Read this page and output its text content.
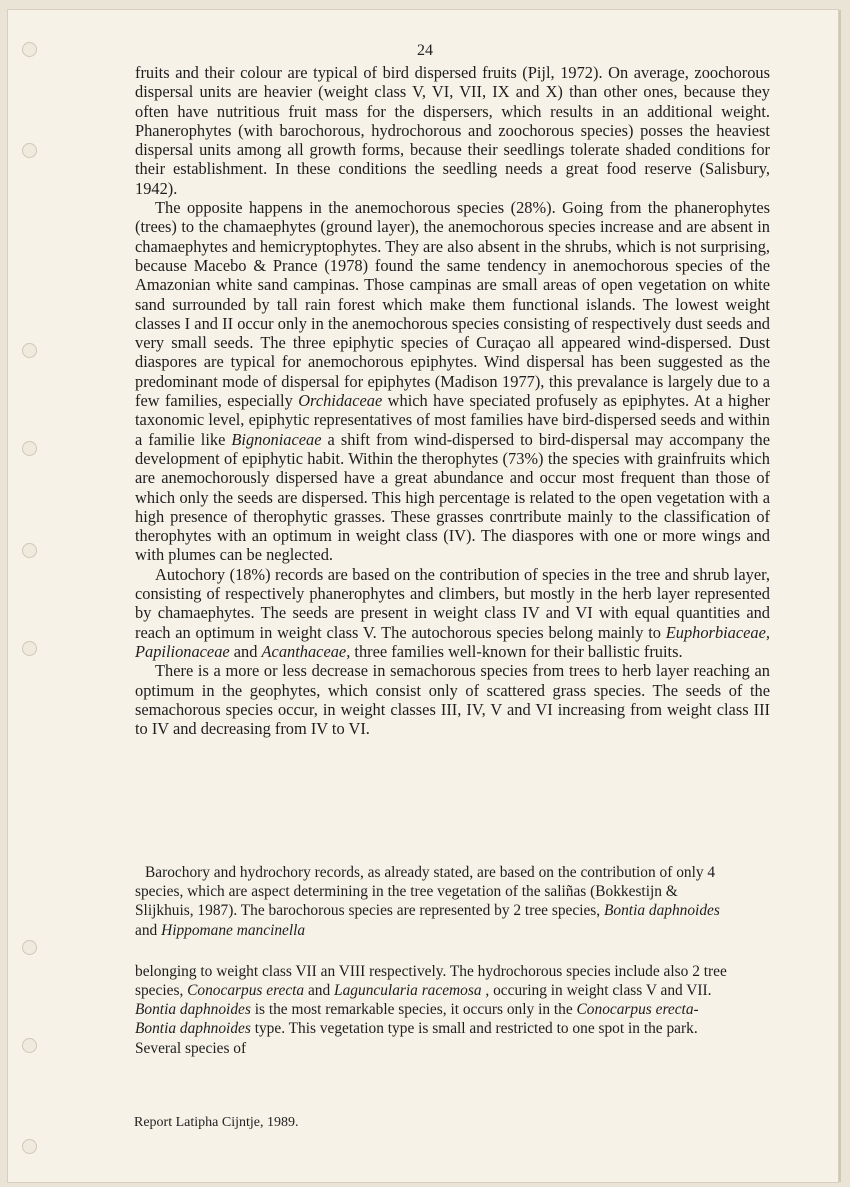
24

fruits and their colour are typical of bird dispersed fruits (Pijl, 1972). On average, zoochorous dispersal units are heavier (weight class V, VI, VII, IX and X) than other ones, because they often have nutritious fruit mass for the dispersers, which results in an additional weight. Phanerophytes (with barochorous, hydrochorous and zoochorous species) posses the heaviest dispersal units among all growth forms, because their seedlings tolerate shaded conditions for their establishment. In these conditions the seedling needs a great food reserve (Salisbury, 1942).

The opposite happens in the anemochorous species (28%). Going from the phanerophytes (trees) to the chamaephytes (ground layer), the anemochorous species increase and are absent in chamaephytes and hemicryptophytes. They are also absent in the shrubs, which is not surprising, because Macebo & Prance (1978) found the same tendency in anemochorous species of the Amazonian white sand campinas. Those campinas are small areas of open vegetation on white sand surrounded by tall rain forest which make them functional islands. The lowest weight classes I and II occur only in the anemochorous species consisting of respectively dust seeds and very small seeds. The three epiphytic species of Curaçao all appeared wind-dispersed. Dust diaspores are typical for anemochorous epiphytes. Wind dispersal has been suggested as the predominant mode of dispersal for epiphytes (Madison 1977), this prevalance is largely due to a few families, especially Orchidaceae which have speciated profusely as epiphytes. At a higher taxonomic level, epiphytic representatives of most families have bird-dispersed seeds and within a familie like Bignoniaceae a shift from wind-dispersed to bird-dispersal may accompany the development of epiphytic habit. Within the therophytes (73%) the species with grainfruits which are anemochorously dispersed have a great abundance and occur most frequent than those of which only the seeds are dispersed. This high percentage is related to the open vegetation with a high presence of therophytic grasses. These grasses conrtribute mainly to the classification of therophytes with an optimum in weight class (IV). The diaspores with one or more wings and with plumes can be neglected.

Autochory (18%) records are based on the contribution of species in the tree and shrub layer, consisting of respectively phanerophytes and climbers, but mostly in the herb layer represented by chamaephytes. The seeds are present in weight class IV and VI with equal quantities and reach an optimum in weight class V. The autochorous species belong mainly to Euphorbiaceae, Papilionaceae and Acanthaceae, three families well-known for their ballistic fruits.

There is a more or less decrease in semachorous species from trees to herb layer reaching an optimum in the geophytes, which consist only of scattered grass species. The seeds of the semachorous species occur, in weight classes III, IV, V and VI increasing from weight class III to IV and decreasing from IV to VI.

Barochory and hydrochory records, as already stated, are based on the contribution of only 4 species, which are aspect determining in the tree vegetation of the saliñas (Bokkestijn & Slijkhuis, 1987). The barochorous species are represented by 2 tree species, Bontia daphnoides and Hippomane mancinella

belonging to weight class VII an VIII respectively. The hydrochorous species include also 2 tree species, Conocarpus erecta and Laguncularia racemosa , occuring in weight class V and VII. Bontia daphnoides is the most remarkable species, it occurs only in the Conocarpus erecta-Bontia daphnoides type. This vegetation type is small and restricted to one spot in the park. Several species of

Report Latipha Cijntje, 1989.
